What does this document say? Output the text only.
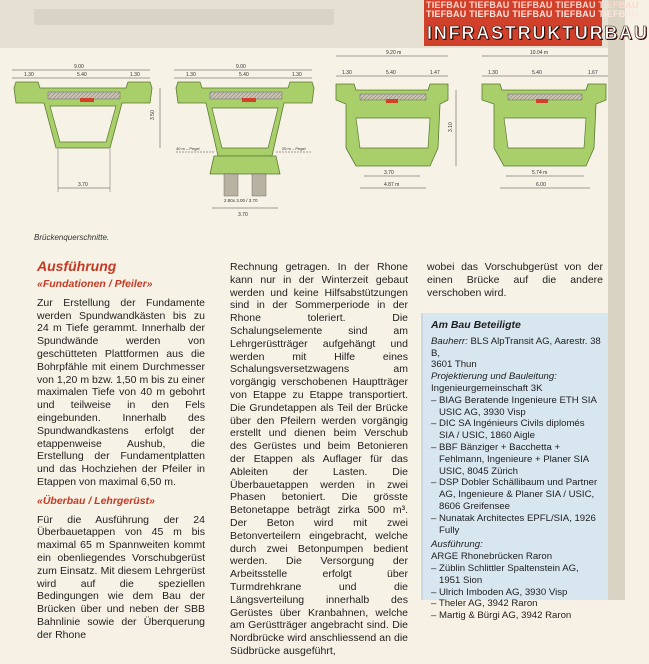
TIEFBAU TIEFBAU TIEFBAU TIEFBAU TIEFBAU
TIEFBAU TIEFBAU TIEFBAU TIEFBAU TIEFBAU
INFRASTRUKTURBAU
9.00
1.30	5.40	1.30
3.70
3.50
9.00
1.30	5.40	1.30
40 m – Pegel	25 m – Pegel
2.80x 3.00 / 3.70
3.70
9.20 m
1.30	5.40	1.47
3.70
4.87 m
3.10
10.04 m
1.30	5.40	1.67
5.74 m
6.00
Brückenquerschnitte.
Ausführung
«Fundationen / Pfeiler»
Zur Erstellung der Fundamente werden Spundwandkästen bis zu 24 m Tiefe gerammt. Innerhalb der Spundwände werden von geschütteten Plattformen aus die Bohrpfähle mit einem Durchmesser von 1,20 m bzw. 1,50 m bis zu einer maximalen Tiefe von 40 m gebohrt und teilweise in den Fels eingebunden. Innerhalb des Spundwandkastens erfolgt der etappenweise Aushub, die Erstellung der Fundamentplatten und das Hochziehen der Pfeiler in Etappen von maximal 6,50 m.
«Überbau / Lehrgerüst»
Für die Ausführung der 24 Überbauetappen von 45 m bis maximal 65 m Spannweiten kommt ein obenliegendes Vorschubgerüst zum Einsatz. Mit diesem Lehrgerüst wird auf die speziellen Bedingungen wie dem Bau der Brücken über und neben der SBB Bahnlinie sowie der Überquerung der Rhone
Rechnung getragen. In der Rhone kann nur in der Winterzeit gebaut werden und keine Hilfsabstützungen sind in der Sommerperiode in der Rhone toleriert. Die Schalungselemente sind am Lehrgerüstträger aufgehängt und werden mit Hilfe eines Schalungsversetzwagens am vorgängig verschobenen Hauptträger von Etappe zu Etappe transportiert. Die Grundetappen als Teil der Brücke über den Pfeilern werden vorgängig erstellt und dienen beim Verschub des Gerüstes und beim Betonieren der Etappen als Auflager für das Ableiten der Lasten. Die Überbauetappen werden in zwei Phasen betoniert. Die grösste Betonetappe beträgt zirka 500 m³. Der Beton wird mit zwei Betonverteilern eingebracht, welche durch zwei Betonpumpen bedient werden. Die Versorgung der Arbeitsstelle erfolgt über Turmdrehkrane und die Längsverteilung innerhalb des Gerüstes über Kranbahnen, welche am Gerüstträger angebracht sind. Die Nordbrücke wird anschliessend an die Südbrücke ausgeführt,
wobei das Vorschubgerüst von der einen Brücke auf die andere verschoben wird.
Am Bau Beteiligte
Bauherr: BLS AlpTransit AG, Aarestr. 38 B,
3601 Thun
Projektierung und Bauleitung:
Ingenieurgemeinschaft 3K
– BIAG Beratende Ingenieure ETH SIA USIC AG, 3930 Visp
– DIC SA Ingénieurs Civils diplomés SIA / USIC, 1860 Aigle
– BBF Bänziger + Bacchetta + Fehlmann, Ingenieure + Planer SIA USIC, 8045 Zürich
– DSP Dobler Schällibaum und Partner AG, Ingenieure & Planer SIA / USIC, 8606 Greifensee
– Nunatak Architectes EPFL/SIA, 1926 Fully
Ausführung:
ARGE Rhonebrücken Raron
– Züblin Schlittler Spaltenstein AG, 1951 Sion
– Ulrich Imboden AG, 3930 Visp
– Theler AG, 3942 Raron
– Martig & Bürgi AG, 3942 Raron
